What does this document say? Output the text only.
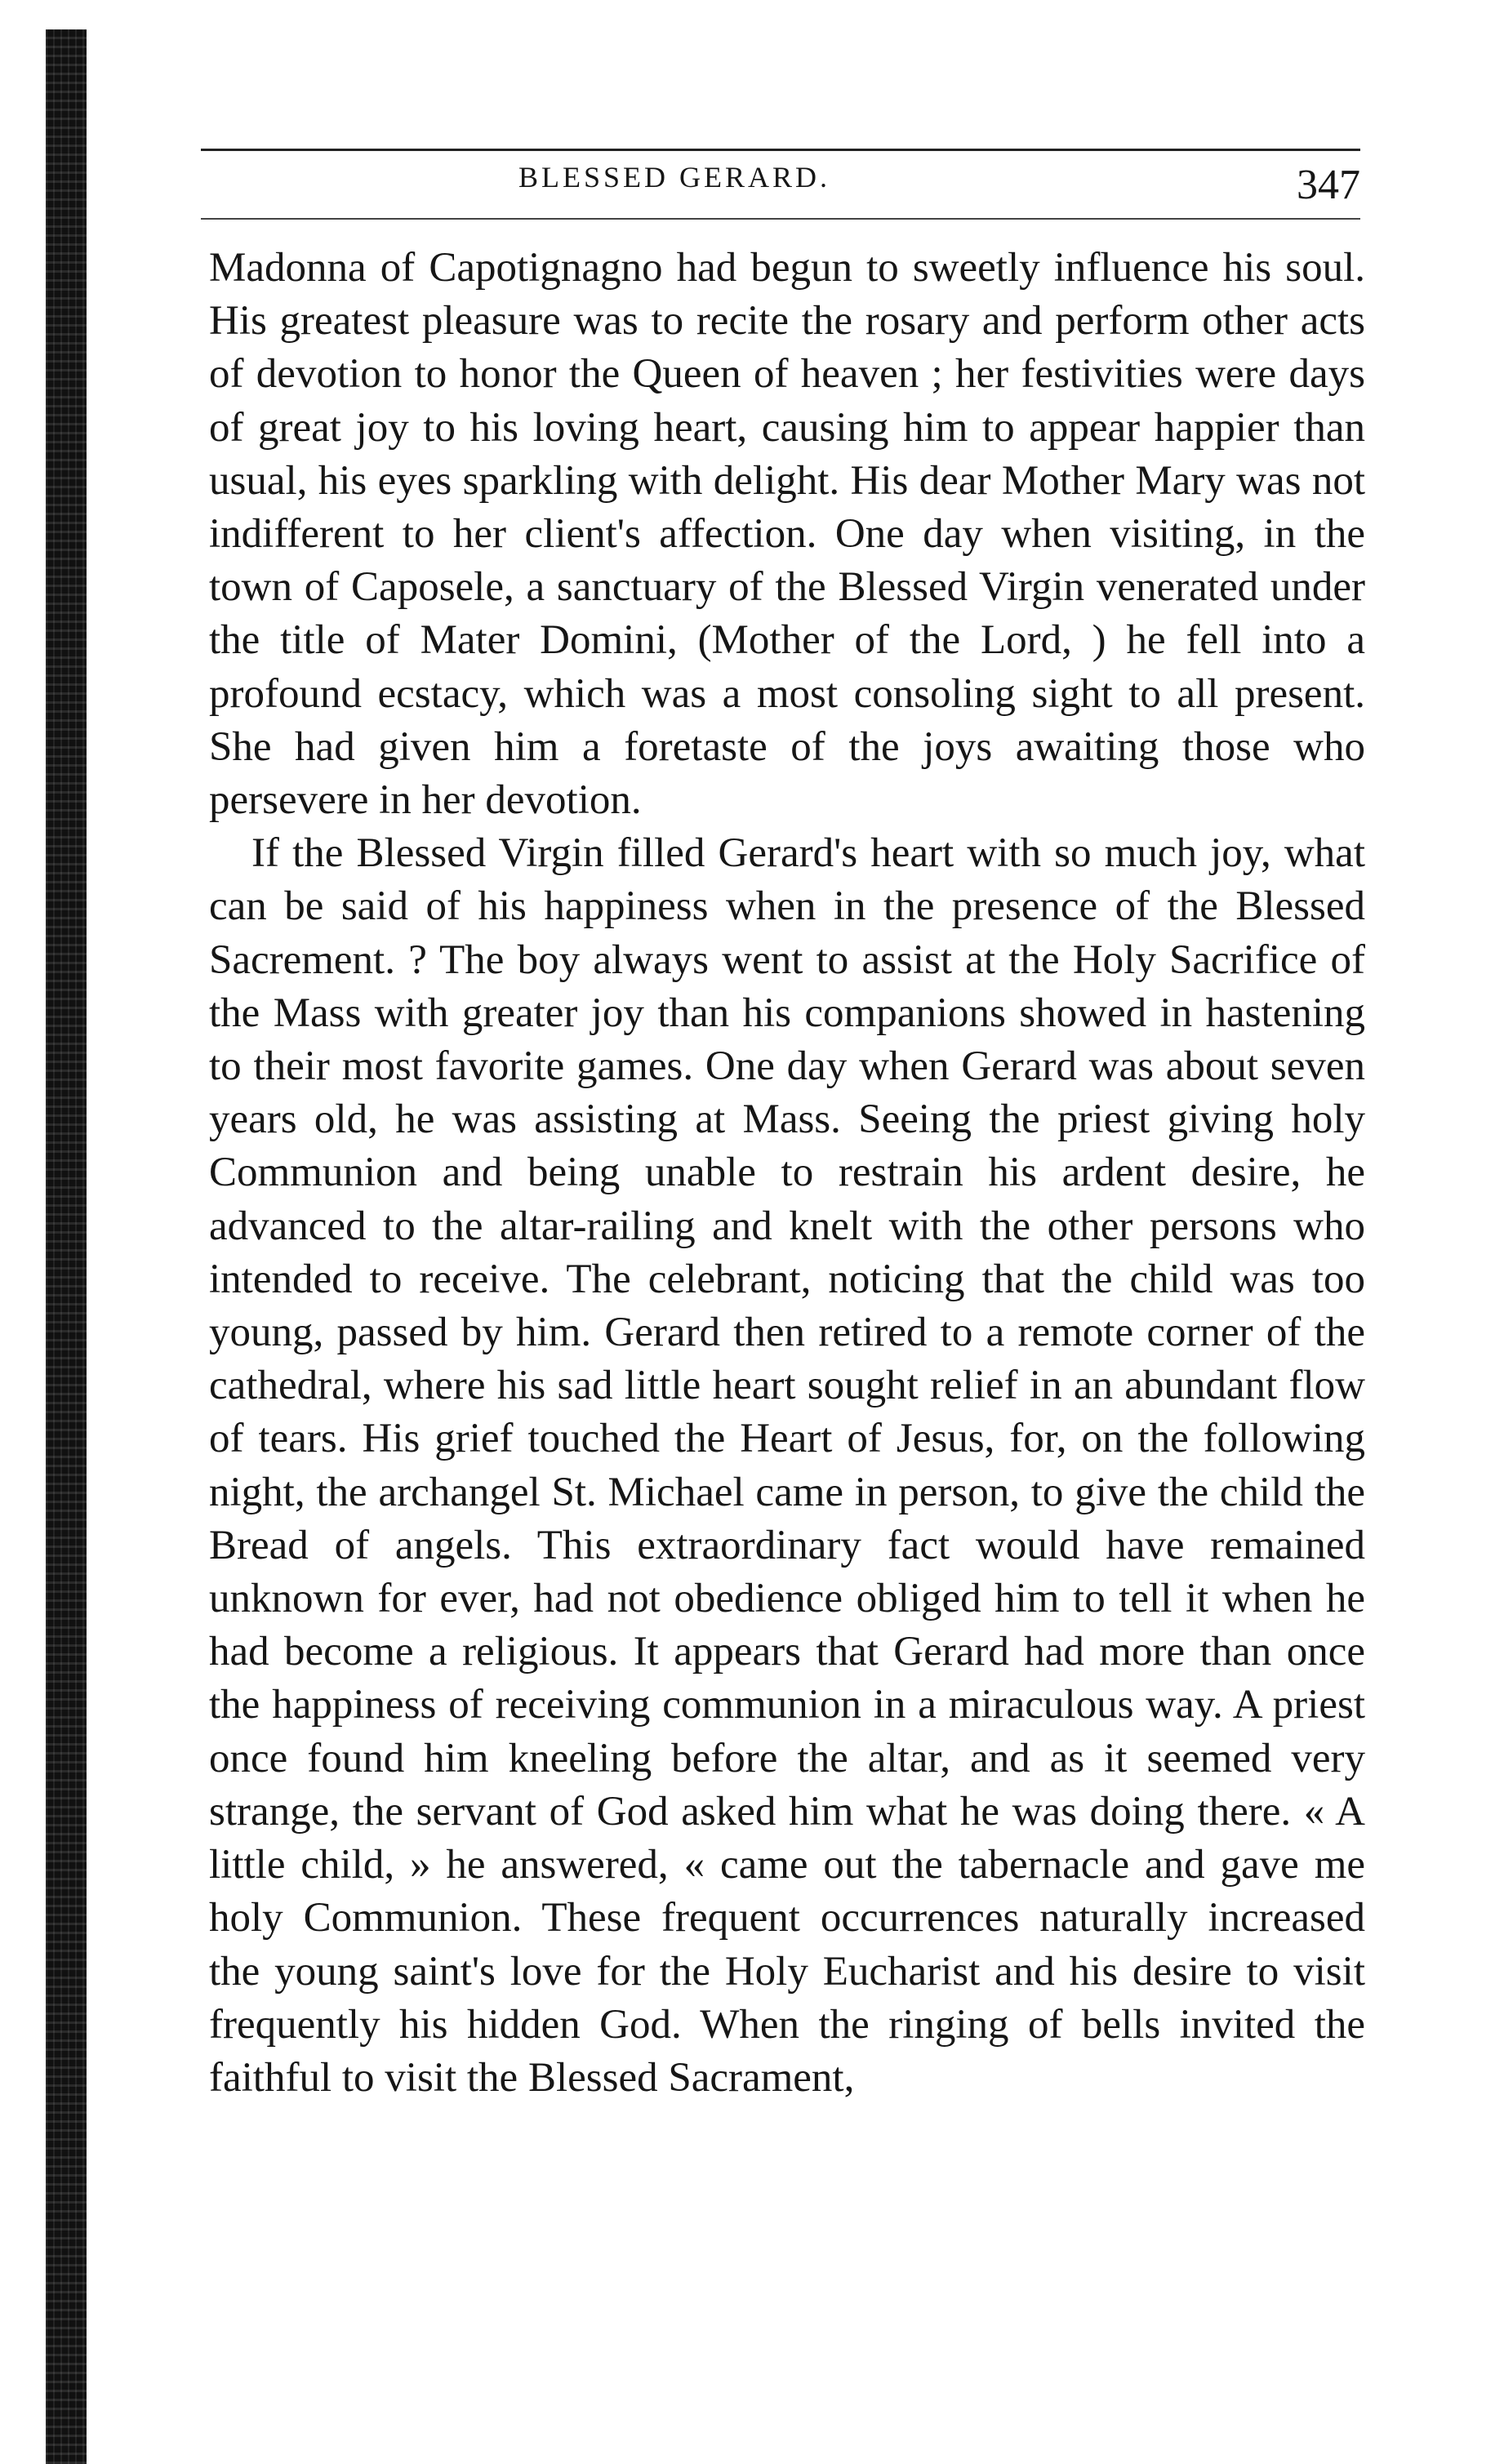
BLESSED GERARD.	347

Madonna of Capotignagno had begun to sweetly influence his soul. His greatest pleasure was to recite the rosary and perform other acts of devotion to honor the Queen of heaven ; her festivities were days of great joy to his loving heart, causing him to appear happier than usual, his eyes sparkling with delight. His dear Mother Mary was not indifferent to her client's affection. One day when visiting, in the town of Caposele, a sanctuary of the Blessed Virgin venerated under the title of Mater Domini, (Mother of the Lord, ) he fell into a profound ecstacy, which was a most consoling sight to all present. She had given him a foretaste of the joys awaiting those who persevere in her devotion.

If the Blessed Virgin filled Gerard's heart with so much joy, what can be said of his happiness when in the presence of the Blessed Sacrement. ? The boy always went to assist at the Holy Sacrifice of the Mass with greater joy than his companions showed in hastening to their most favorite games. One day when Gerard was about seven years old, he was assisting at Mass. Seeing the priest giving holy Communion and being unable to restrain his ardent desire, he advanced to the altar-railing and knelt with the other persons who intended to receive. The celebrant, noticing that the child was too young, passed by him. Gerard then retired to a remote corner of the cathedral, where his sad little heart sought relief in an abundant flow of tears. His grief touched the Heart of Jesus, for, on the following night, the archangel St. Michael came in person, to give the child the Bread of angels. This extraordinary fact would have remained unknown for ever, had not obedience obliged him to tell it when he had become a religious. It appears that Gerard had more than once the happiness of receiving communion in a miraculous way. A priest once found him kneeling before the altar, and as it seemed very strange, the servant of God asked him what he was doing there. « A little child, » he answered, « came out the tabernacle and gave me holy Communion. These frequent occurrences naturally increased the young saint's love for the Holy Eucharist and his desire to visit frequently his hidden God. When the ringing of bells invited the faithful to visit the Blessed Sacrament,
